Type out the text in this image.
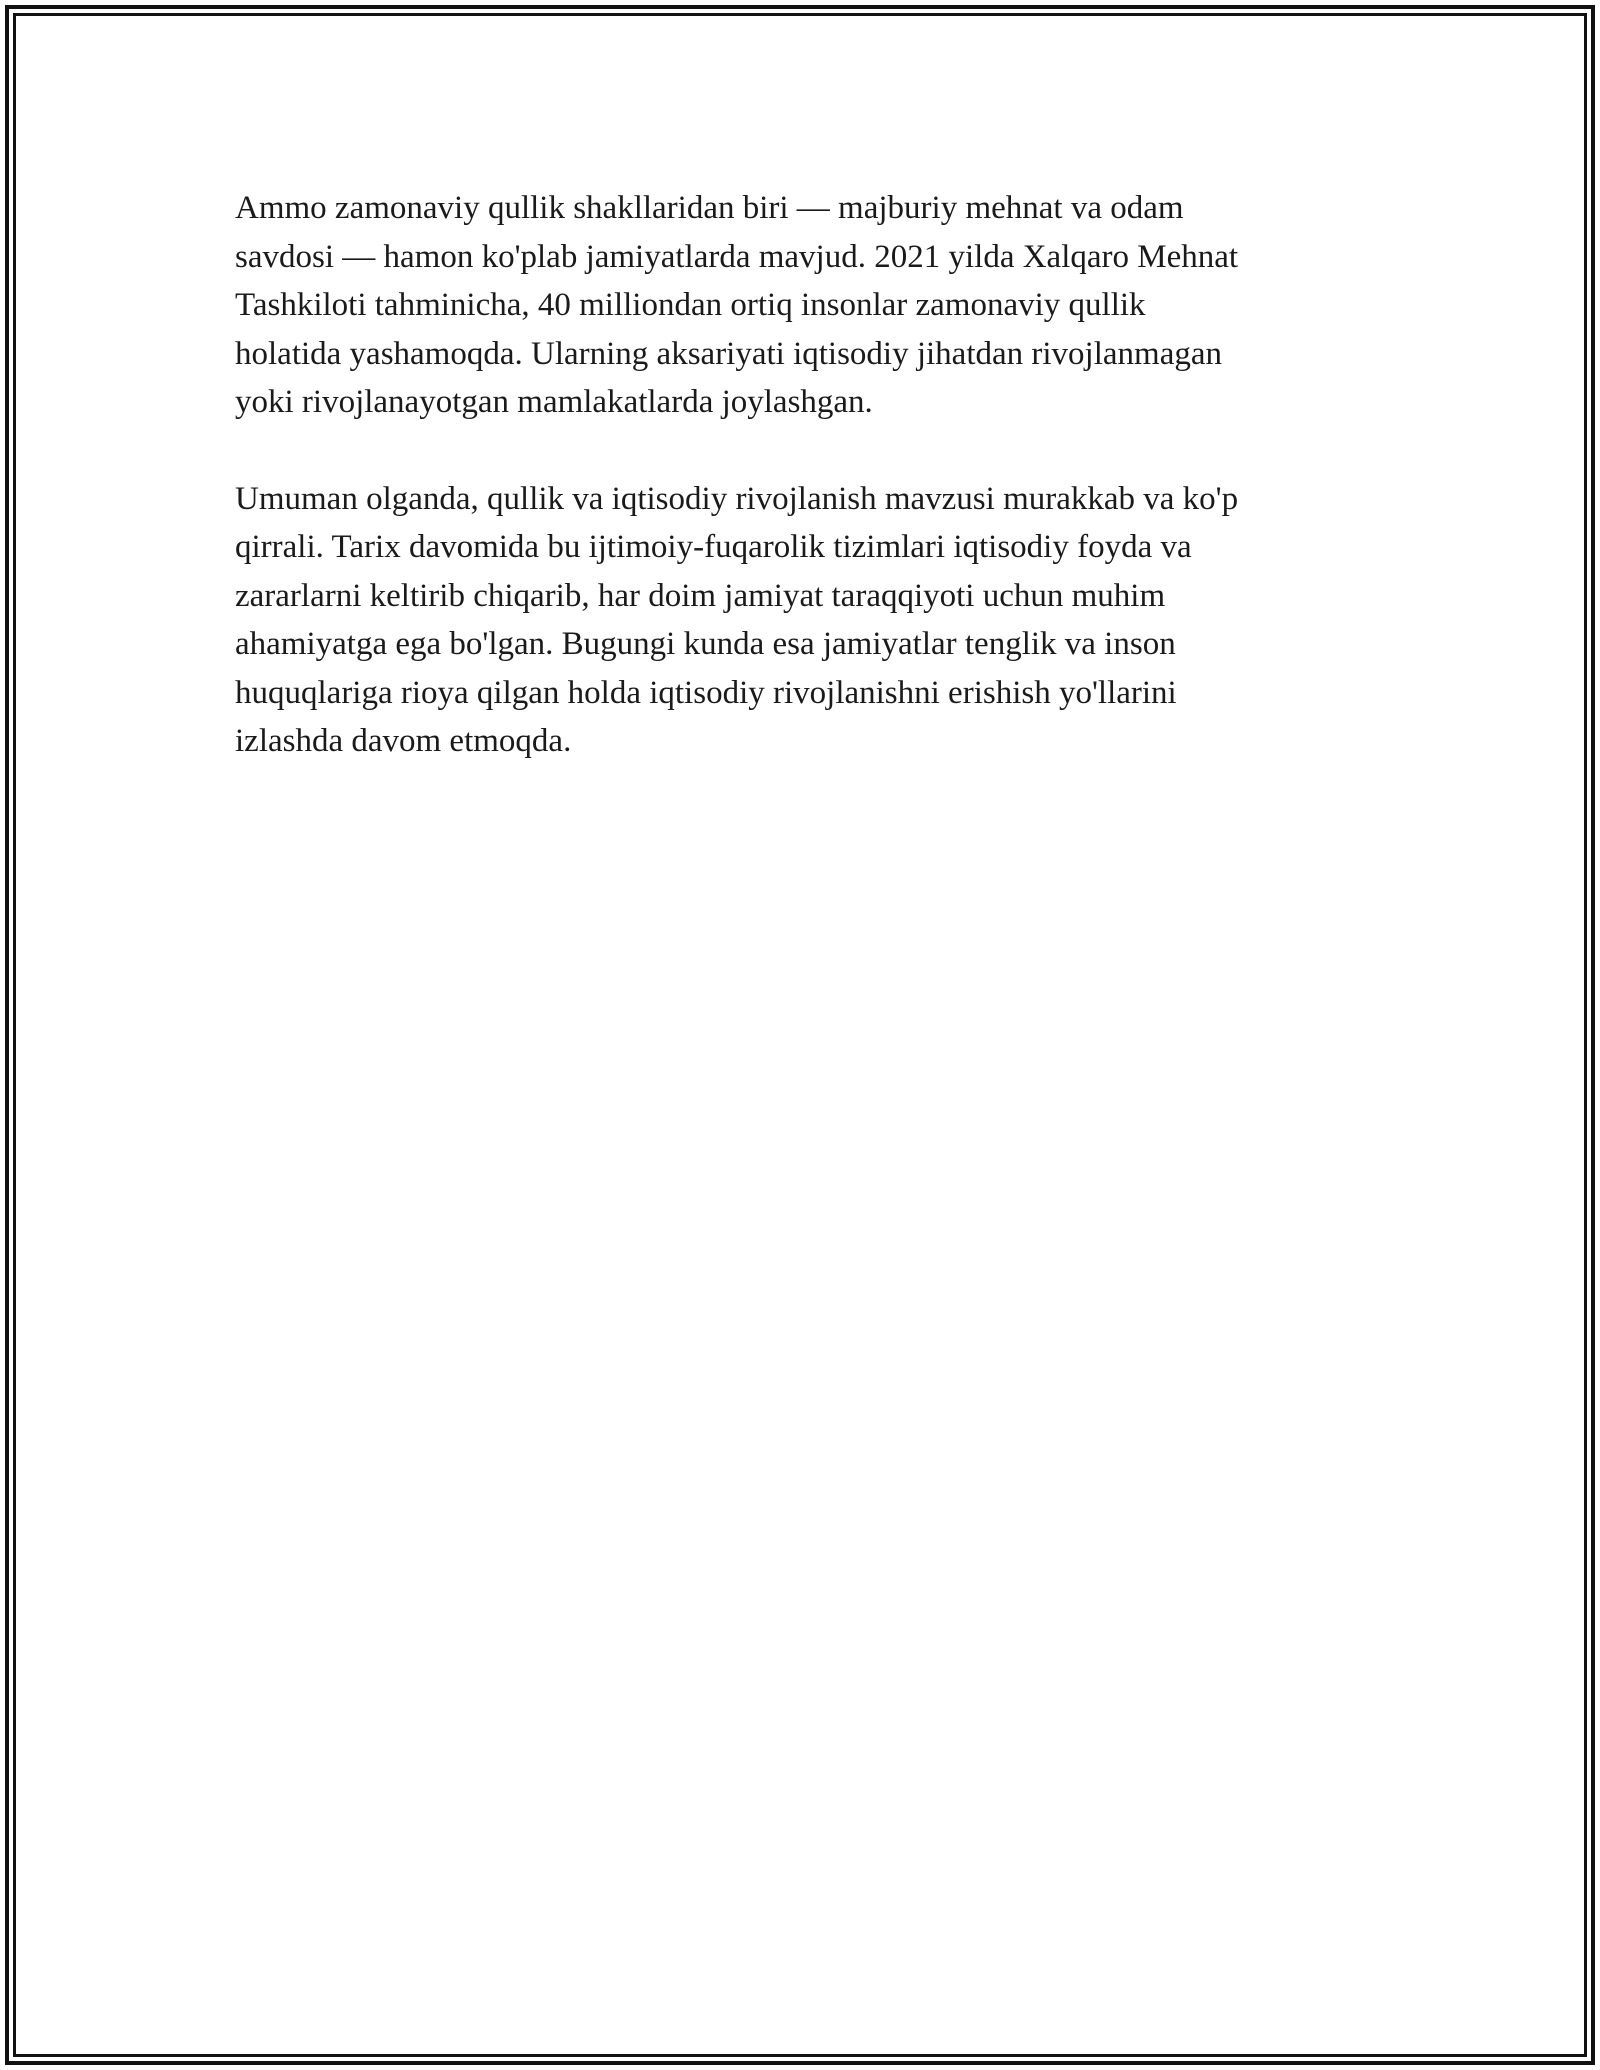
Ammo zamonaviy qullik shakllaridan biri — majburiy mehnat va odam
savdosi — hamon ko'plab jamiyatlarda mavjud. 2021 yilda Xalqaro Mehnat
Tashkiloti tahminicha, 40 milliondan ortiq insonlar zamonaviy qullik
holatida yashamoqda. Ularning aksariyati iqtisodiy jihatdan rivojlanmagan
yoki rivojlanayotgan mamlakatlarda joylashgan.

Umuman olganda, qullik va iqtisodiy rivojlanish mavzusi murakkab va ko'p
qirrali. Tarix davomida bu ijtimoiy-fuqarolik tizimlari iqtisodiy foyda va
zararlarni keltirib chiqarib, har doim jamiyat taraqqiyoti uchun muhim
ahamiyatga ega bo'lgan. Bugungi kunda esa jamiyatlar tenglik va inson
huquqlariga rioya qilgan holda iqtisodiy rivojlanishni erishish yo'llarini
izlashda davom etmoqda.
